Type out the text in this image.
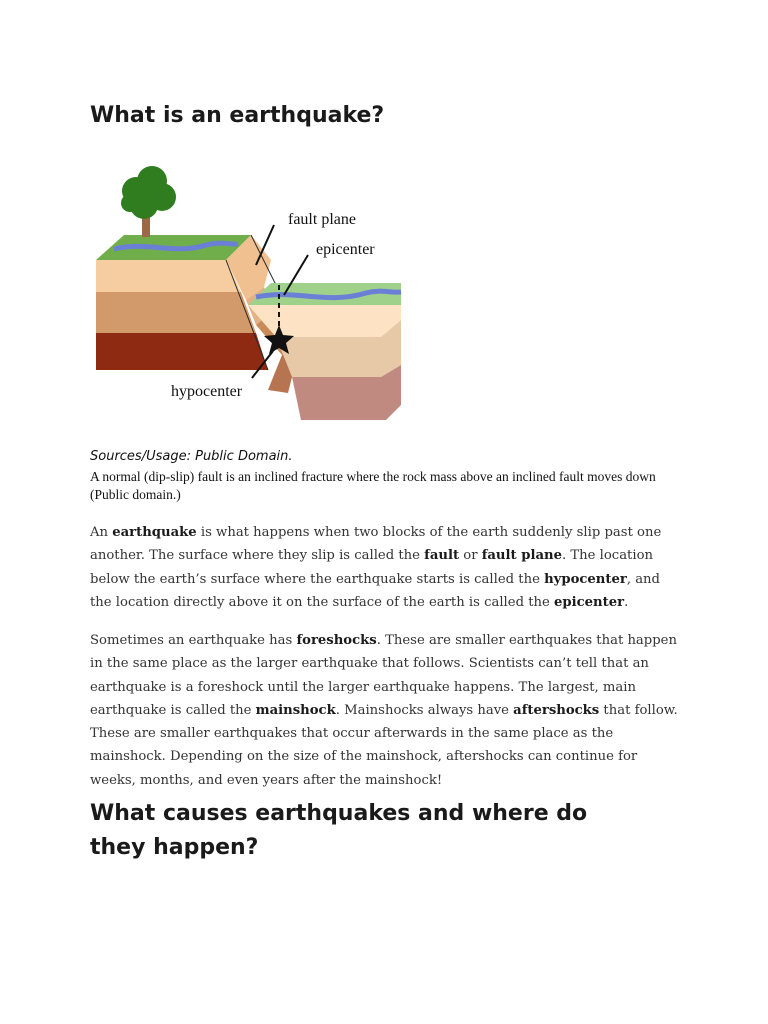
What is an earthquake?
fault plane
epicenter
hypocenter
Sources/Usage: Public Domain.
A normal (dip-slip) fault is an inclined fracture where the rock mass above an inclined fault moves down (Public domain.)

An earthquake is what happens when two blocks of the earth suddenly slip past one another. The surface where they slip is called the fault or fault plane. The location below the earth’s surface where the earthquake starts is called the hypocenter, and the location directly above it on the surface of the earth is called the epicenter.

Sometimes an earthquake has foreshocks. These are smaller earthquakes that happen in the same place as the larger earthquake that follows. Scientists can’t tell that an earthquake is a foreshock until the larger earthquake happens. The largest, main earthquake is called the mainshock. Mainshocks always have aftershocks that follow. These are smaller earthquakes that occur afterwards in the same place as the mainshock. Depending on the size of the mainshock, aftershocks can continue for weeks, months, and even years after the mainshock!

What causes earthquakes and where do they happen?
